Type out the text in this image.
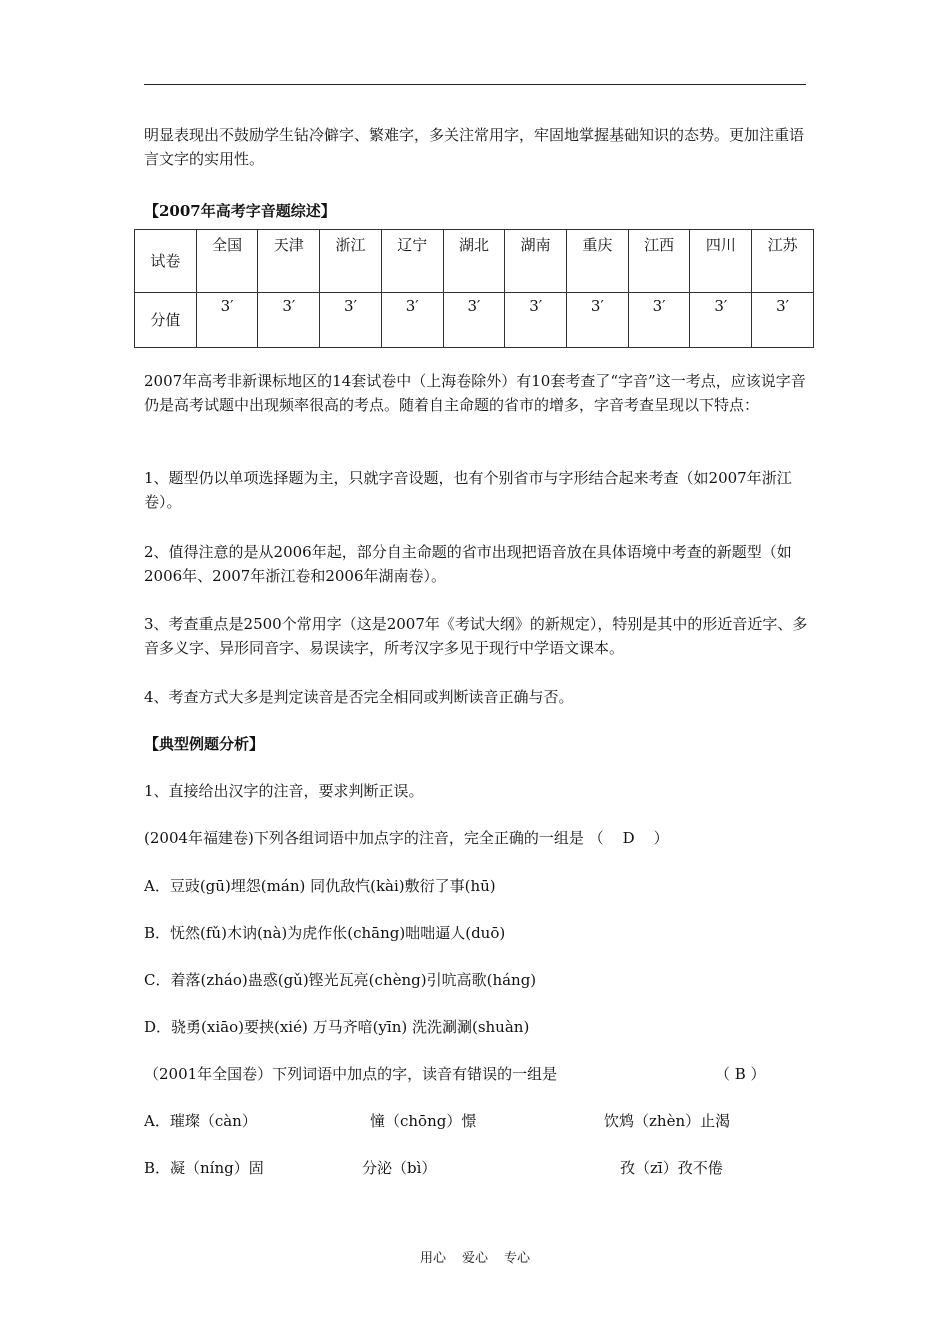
明显表现出不鼓励学生钻冷僻字、繁难字，多关注常用字，牢固地掌握基础知识的态势。更加注重语言文字的实用性。

【2007年高考字音题综述】

试卷	全国	天津	浙江	辽宁	湖北	湖南	重庆	江西	四川	江苏
分值	3′	3′	3′	3′	3′	3′	3′	3′	3′	3′

2007年高考非新课标地区的14套试卷中（上海卷除外）有10套考查了“字音”这一考点，应该说字音仍是高考试题中出现频率很高的考点。随着自主命题的省市的增多，字音考查呈现以下特点：

1、题型仍以单项选择题为主，只就字音设题，也有个别省市与字形结合起来考查（如2007年浙江卷）。

2、值得注意的是从2006年起，部分自主命题的省市出现把语音放在具体语境中考查的新题型（如2006年、2007年浙江卷和2006年湖南卷）。

3、考查重点是2500个常用字（这是2007年《考试大纲》的新规定），特别是其中的形近音近字、多音多义字、异形同音字、易误读字，所考汉字多见于现行中学语文课本。

4、考查方式大多是判定读音是否完全相同或判断读音正确与否。

【典型例题分析】

1、直接给出汉字的注音，要求判断正误。

(2004年福建卷)下列各组词语中加点字的注音，完全正确的一组是 （ D ）
A．豆豉(gū)埋怨(mán) 同仇敌忾(kài)敷衍了事(hū)
B．怃然(fǔ)木讷(nà)为虎作伥(chāng)咄咄逼人(duō)
C．着落(zháo)蛊惑(gǔ)铿光瓦亮(chèng)引吭高歌(háng)
D．骁勇(xiāo)要挟(xié) 万马齐喑(yīn) 洗洗涮涮(shuàn)
（2001年全国卷）下列词语中加点的字，读音有错误的一组是	（ B ）
A．璀璨（càn）	憧（chōng）憬	饮鸩（zhèn）止渴
B．凝（níng）固	分泌（bì）	孜（zī）孜不倦
用心 爱心 专心
